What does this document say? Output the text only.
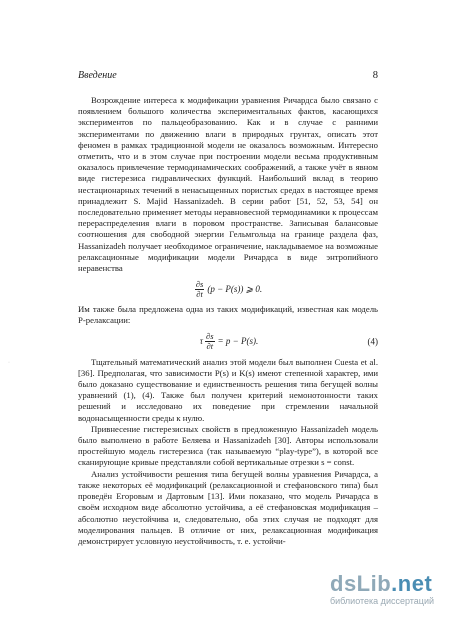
Введение	8

Возрождение интереса к модификации уравнения Ричардса было связано с появлением большого количества экспериментальных фактов, касающихся экспериментов по пальцеобразованию. Как и в случае с ранними экспериментами по движению влаги в природных грунтах, описать этот феномен в рамках традиционной модели не оказалось возможным. Интересно отметить, что и в этом случае при построении модели весьма продуктивным оказалось привлечение термодинамических соображений, а также учёт в явном виде гистерезиса гидравлических функций. Наибольший вклад в теорию нестационарных течений в ненасыщенных пористых средах в настоящее время принадлежит S. Majid Hassanizadeh. В серии работ [51, 52, 53, 54] он последовательно применяет методы неравновесной термодинамики к процессам перераспределения влаги в поровом пространстве. Записывая балансовые соотношения для свободной энергии Гельмгольца на границе раздела фаз, Hassanizadeh получает необходимое ограничение, накладываемое на возможные релаксационные модификации модели Ричардса в виде энтропийного неравенства

$\frac{\partial s}{\partial t} (p - P(s))$ ⩾ 0.

Им также была предложена одна из таких модификаций, известная как модель P-релаксации:

τ $\frac{\partial s}{\partial t} = p - P(s)$.	(4)

Тщательный математический анализ этой модели был выполнен Cuesta et al. [36]. Предполагая, что зависимости P(s) и K(s) имеют степенной характер, ими было доказано существование и единственность решения типа бегущей волны уравнений (1), (4). Также был получен критерий немонотонности таких решений и исследовано их поведение при стремлении начальной водонасыщенности среды к нулю.

Привнесение гистерезисных свойств в предложенную Hassanizadeh модель было выполнено в работе Беляева и Hassanizadeh [30]. Авторы использовали простейшую модель гистерезиса (так называемую “play-type”), в которой все сканирующие кривые представляли собой вертикальные отрезки s = const.

Анализ устойчивости решения типа бегущей волны уравнения Ричардса, а также некоторых её модификаций (релаксационной и стефановского типа) был проведён Егоровым и Дартовым [13]. Ими показано, что модель Ричардса в своём исходном виде абсолютно устойчива, а её стефановская модификация – абсолютно неустойчива и, следовательно, оба этих случая не подходят для моделирования пальцев. В отличие от них, релаксационная модификация демонстрирует условную неустойчивость, т. е. устойчи-

·
dsLib.net
библиотека диссертаций
